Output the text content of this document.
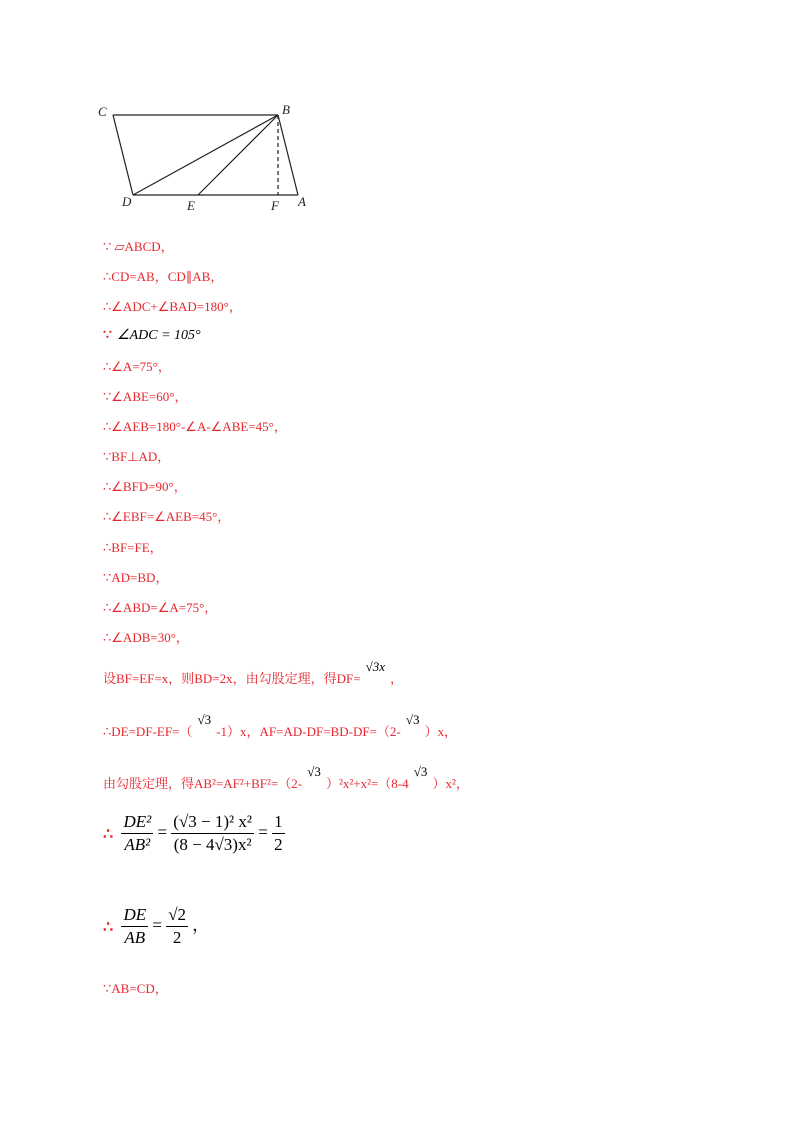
C	B
D	E	F A
∵ ▱ABCD，
∴CD=AB，CD∥AB，
∴∠ADC+∠BAD=180°，
∵ ∠ADC = 105°
∴∠A=75°，
∵∠ABE=60°，
∴∠AEB=180°-∠A-∠ABE=45°，
∵BF⊥AD，
∴∠BFD=90°，
∴∠EBF=∠AEB=45°，
∴BF=FE，
∵AD=BD，
∴∠ABD=∠A=75°，
∴∠ADB=30°，
设BF=EF=x，则BD=2x，由勾股定理，得DF= $^{√3x}$ ，
∴DE=DF-EF=（ $^{√3}$ -1）x，AF=AD-DF=BD-DF=（2- $^{√3}$ ）x，
由勾股定理，得AB²=AF²+BF²=（2- $^{√3}$ ）²x²+x²=（8-4 $^{√3}$ ）x²，
∴ $\frac{\text{DE²}}{\text{AB²}} = \frac{\text{(√3 − 1)² x²}}{\text{(8 − 4√3)x²}} = \frac{1}{2}$
∴ $\frac{DE}{AB} = \frac{√2}{2}$ ，
∵AB=CD，
